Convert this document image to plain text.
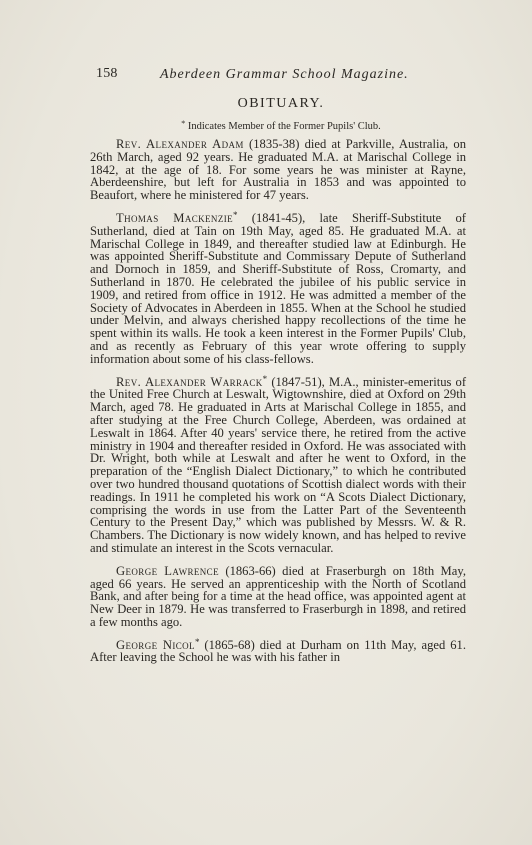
158	Aberdeen Grammar School Magazine.
OBITUARY.
* Indicates Member of the Former Pupils' Club.

Rev. Alexander Adam (1835-38) died at Parkville, Australia, on 26th March, aged 92 years. He graduated M.A. at Marischal College in 1842, at the age of 18. For some years he was minister at Rayne, Aberdeenshire, but left for Australia in 1853 and was appointed to Beaufort, where he ministered for 47 years.

Thomas Mackenzie* (1841-45), late Sheriff-Substitute of Sutherland, died at Tain on 19th May, aged 85. He graduated M.A. at Marischal College in 1849, and thereafter studied law at Edinburgh. He was appointed Sheriff-Substitute and Commissary Depute of Sutherland and Dornoch in 1859, and Sheriff-Substitute of Ross, Cromarty, and Sutherland in 1870. He celebrated the jubilee of his public service in 1909, and retired from office in 1912. He was admitted a member of the Society of Advocates in Aberdeen in 1855. When at the School he studied under Melvin, and always cherished happy recollections of the time he spent within its walls. He took a keen interest in the Former Pupils' Club, and as recently as February of this year wrote offering to supply information about some of his class-fellows.

Rev. Alexander Warrack* (1847-51), M.A., minister-emeritus of the United Free Church at Leswalt, Wigtownshire, died at Oxford on 29th March, aged 78. He graduated in Arts at Marischal College in 1855, and after studying at the Free Church College, Aberdeen, was ordained at Leswalt in 1864. After 40 years' service there, he retired from the active ministry in 1904 and thereafter resided in Oxford. He was associated with Dr. Wright, both while at Leswalt and after he went to Oxford, in the preparation of the “English Dialect Dictionary,” to which he contributed over two hundred thousand quotations of Scottish dialect words with their readings. In 1911 he completed his work on “A Scots Dialect Dictionary, comprising the words in use from the Latter Part of the Seventeenth Century to the Present Day,” which was published by Messrs. W. & R. Chambers. The Dictionary is now widely known, and has helped to revive and stimulate an interest in the Scots vernacular.

George Lawrence (1863-66) died at Fraserburgh on 18th May, aged 66 years. He served an apprenticeship with the North of Scotland Bank, and after being for a time at the head office, was appointed agent at New Deer in 1879. He was transferred to Fraserburgh in 1898, and retired a few months ago.

George Nicol* (1865-68) died at Durham on 11th May, aged 61. After leaving the School he was with his father in
